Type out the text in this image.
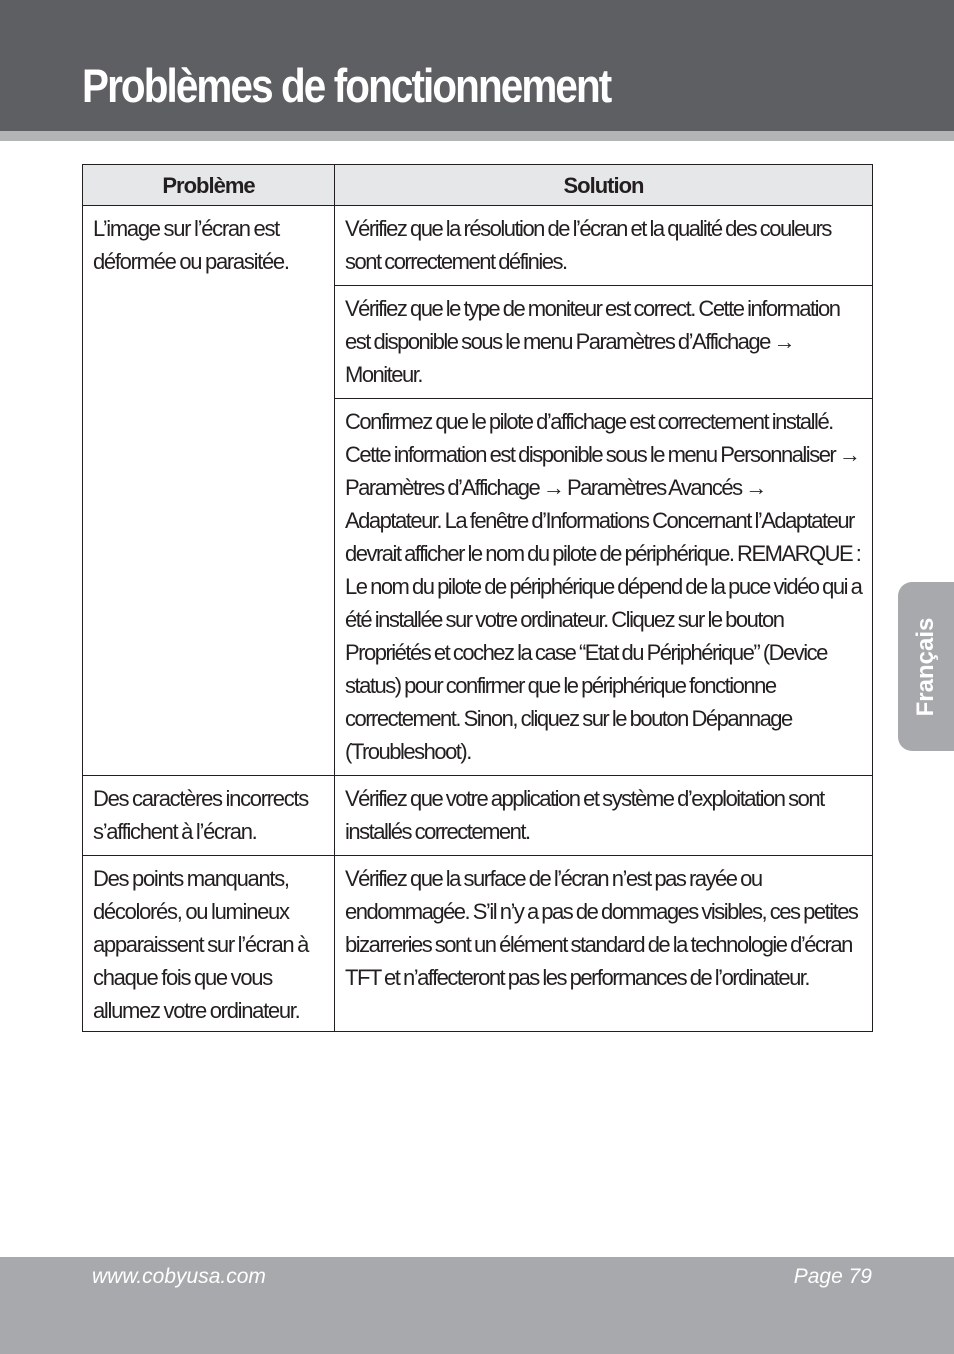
Problèmes de fonctionnement
Problème	Solution
L’image sur l’écran est déformée ou parasitée.	Vérifiez que la résolution de l’écran et la qualité des couleurs sont correctement définies.
	Vérifiez que le type de moniteur est correct. Cette information est disponible sous le menu Paramètres d’Affichage → Moniteur.
	Confirmez que le pilote d’affichage est correctement installé. Cette information est disponible sous le menu Personnaliser → Paramètres d’Affichage → Paramètres Avancés → Adaptateur. La fenêtre d’Informations Concernant l’Adaptateur devrait afficher le nom du pilote de périphérique. REMARQUE : Le nom du pilote de périphérique dépend de la puce vidéo qui a été installée sur votre ordinateur. Cliquez sur le bouton Propriétés et cochez la case “Etat du Périphérique” (Device status) pour confirmer que le périphérique fonctionne correctement. Sinon, cliquez sur le bouton Dépannage (Troubleshoot).
Des caractères incorrects s’affichent à l’écran.	Vérifiez que votre application et système d’exploitation sont installés correctement.
Des points manquants, décolorés, ou lumineux apparaissent sur l’écran à chaque fois que vous allumez votre ordinateur.	Vérifiez que la surface de l’écran n’est pas rayée ou endommagée. S’il n’y a pas de dommages visibles, ces petites bizarreries sont un élément standard de la technologie d’écran TFT et n’affecteront pas les performances de l’ordinateur.
Français
www.cobyusa.com	Page 79
